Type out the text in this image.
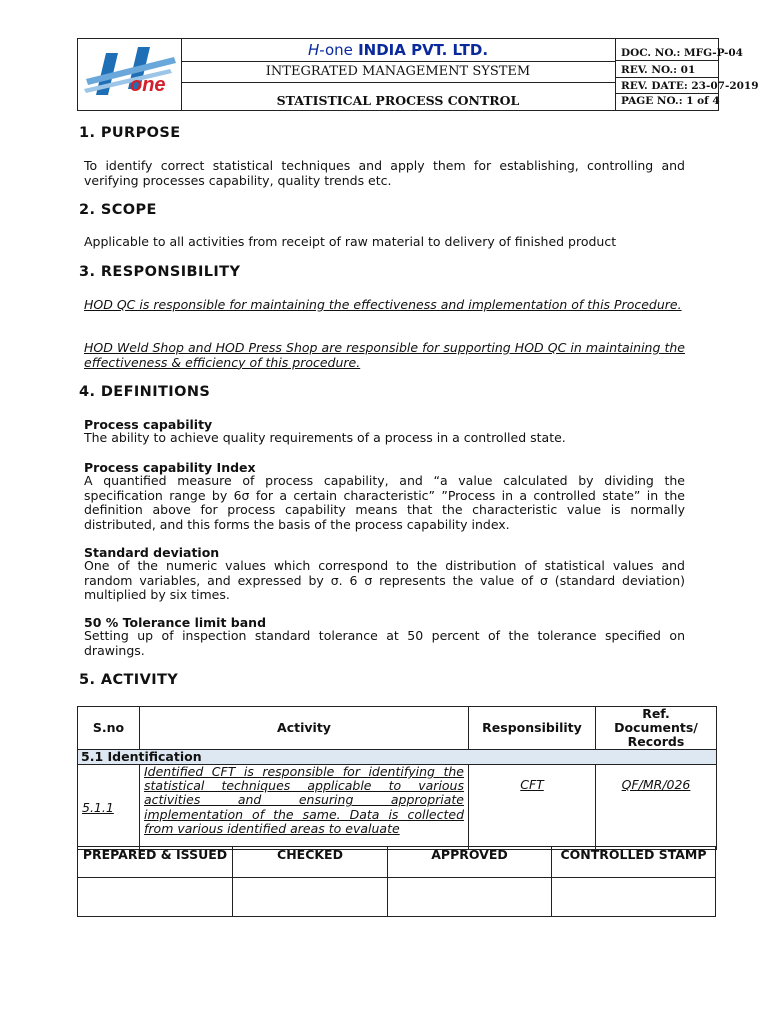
one
H-one INDIA PVT. LTD.
INTEGRATED MANAGEMENT SYSTEM
STATISTICAL PROCESS CONTROL
DOC. NO.: MFG-P-04
REV. NO.: 01
REV. DATE: 23-07-2019
PAGE NO.: 1 of 4
1. PURPOSE
To identify correct statistical techniques and apply them for establishing, controlling and verifying processes capability, quality trends etc.
2. SCOPE
Applicable to all activities from receipt of raw material to delivery of finished product
3. RESPONSIBILITY
HOD QC is responsible for maintaining the effectiveness and implementation of this Procedure.
HOD Weld Shop and HOD Press Shop are responsible for supporting HOD QC in maintaining the effectiveness & efficiency of this procedure.
4. DEFINITIONS
Process capability
The ability to achieve quality requirements of a process in a controlled state.
Process capability Index
A quantified measure of process capability, and “a value calculated by dividing the specification range by 6σ for a certain characteristic” ”Process in a controlled state” in the definition above for process capability means that the characteristic value is normally distributed, and this forms the basis of the process capability index.
Standard deviation
One of the numeric values which correspond to the distribution of statistical values and random variables, and expressed by σ. 6 σ represents the value of σ (standard deviation) multiplied by six times.
50 % Tolerance limit band
Setting up of inspection standard tolerance at 50 percent of the tolerance specified on drawings.
5. ACTIVITY
S.no	Activity	Responsibility	Ref. Documents/ Records
5.1 Identification			
5.1.1	Identified CFT is responsible for identifying the statistical techniques applicable to various activities and ensuring appropriate implementation of the same. Data is collected from various identified areas to evaluate	CFT	QF/MR/026
PREPARED & ISSUED	CHECKED	APPROVED	CONTROLLED STAMP
